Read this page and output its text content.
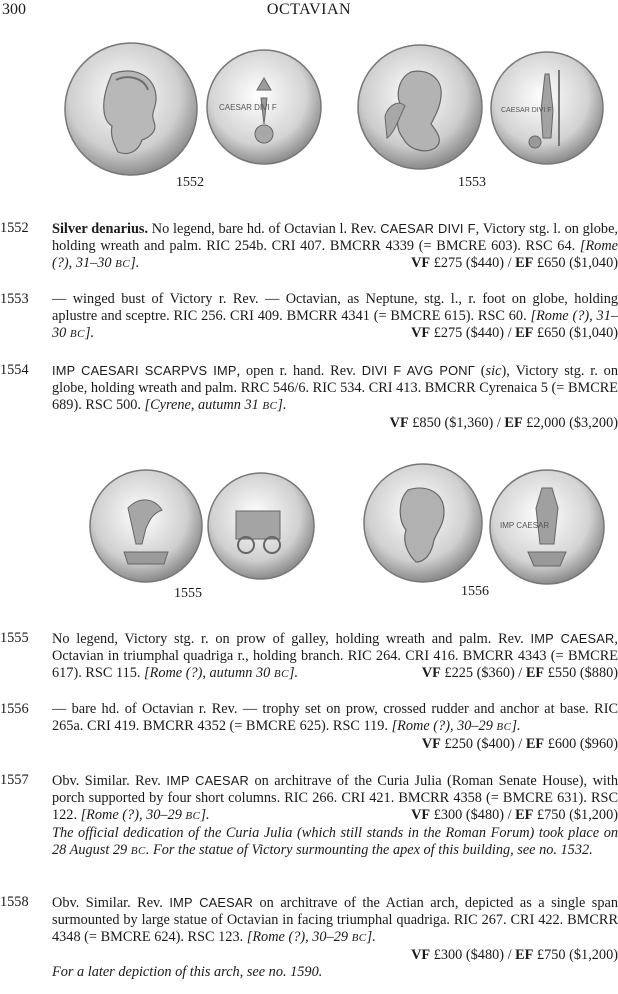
300	OCTAVIAN
CAESAR DIVI F
1552
CAESAR DIVI F
1553
1552	Silver denarius. No legend, bare hd. of Octavian l. Rev. CAESAR DIVI F, Victory stg. l. on globe, holding wreath and palm. RIC 254b. CRI 407. BMCRR 4339 (= BMCRE 603). RSC 64. [Rome (?), 31–30 BC].	VF £275 ($440) / EF £650 ($1,040)

1553	— winged bust of Victory r. Rev. — Octavian, as Neptune, stg. l., r. foot on globe, holding aplustre and sceptre. RIC 256. CRI 409. BMCRR 4341 (= BMCRE 615). RSC 60. [Rome (?), 31–30 BC].	VF £275 ($440) / EF £650 ($1,040)

1554	IMP CAESARI SCARPVS IMP, open r. hand. Rev. DIVI F AVG PONΓ (sic), Victory stg. r. on globe, holding wreath and palm. RRC 546/6. RIC 534. CRI 413. BMCRR Cyrenaica 5 (= BMCRE 689). RSC 500. [Cyrene, autumn 31 BC].

VF £850 ($1,360) / EF £2,000 ($3,200)
1555
IMP CAESAR
1556
1555	No legend, Victory stg. r. on prow of galley, holding wreath and palm. Rev. IMP CAESAR, Octavian in triumphal quadriga r., holding branch. RIC 264. CRI 416. BMCRR 4343 (= BMCRE 617). RSC 115. [Rome (?), autumn 30 BC].	VF £225 ($360) / EF £550 ($880)

1556	— bare hd. of Octavian r. Rev. — trophy set on prow, crossed rudder and anchor at base. RIC 265a. CRI 419. BMCRR 4352 (= BMCRE 625). RSC 119. [Rome (?), 30–29 BC].

VF £250 ($400) / EF £600 ($960)
1557	Obv. Similar. Rev. IMP CAESAR on architrave of the Curia Julia (Roman Senate House), with porch supported by four short columns. RIC 266. CRI 421. BMCRR 4358 (= BMCRE 631). RSC 122. [Rome (?), 30–29 BC].	VF £300 ($480) / EF £750 ($1,200)

The official dedication of the Curia Julia (which still stands in the Roman Forum) took place on 28 August 29 BC. For the statue of Victory surmounting the apex of this building, see no. 1532.

1558	Obv. Similar. Rev. IMP CAESAR on architrave of the Actian arch, depicted as a single span surmounted by large statue of Octavian in facing triumphal quadriga. RIC 267. CRI 422. BMCRR 4348 (= BMCRE 624). RSC 123. [Rome (?), 30–29 BC].

VF £300 ($480) / EF £750 ($1,200)

For a later depiction of this arch, see no. 1590.
